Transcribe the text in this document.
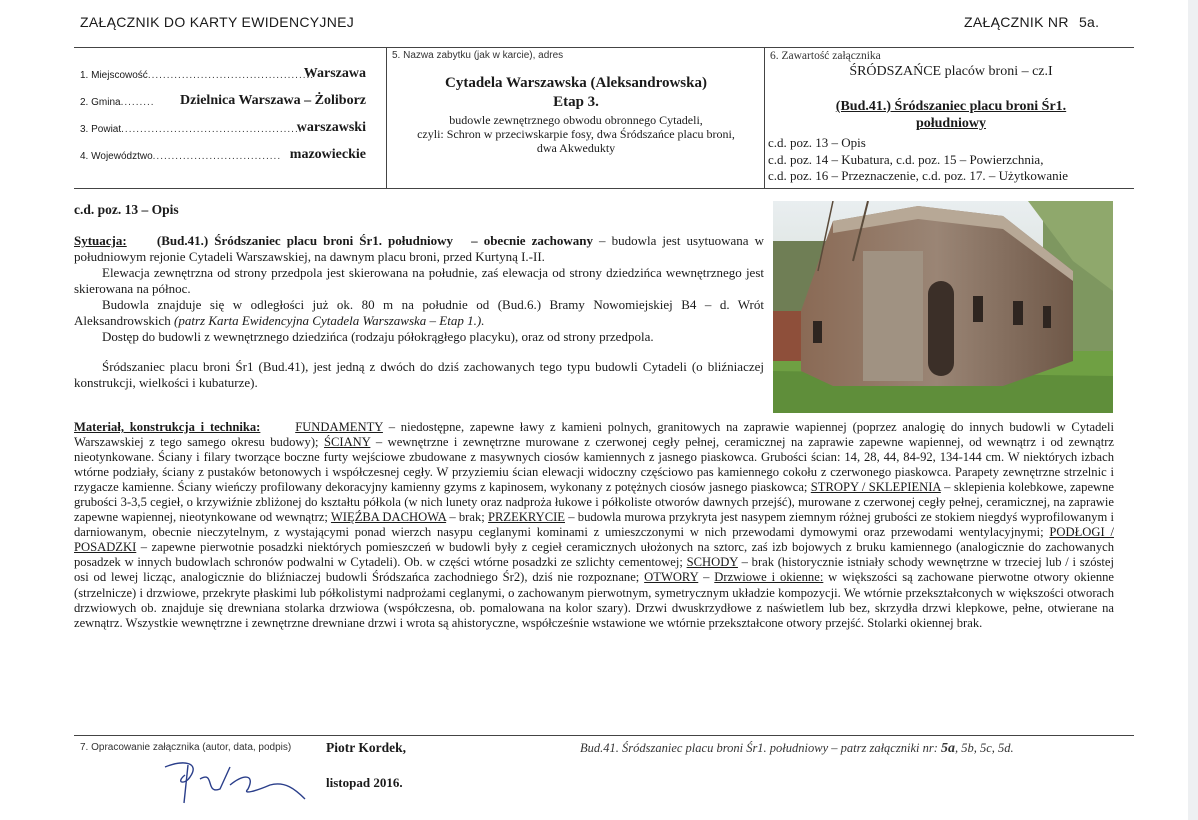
ZAŁĄCZNIK DO KARTY EWIDENCYJNEJ	ZAŁĄCZNIK NR 5a.
1. Miejscowość............................................
Warszawa
2. Gmina......... Dzielnica Warszawa – Żoliborz
3. Powiat................................................
warszawski
4. Województwo.................................. mazowieckie
5. Nazwa zabytku (jak w karcie), adres
Cytadela Warszawska (Aleksandrowska)
Etap 3.
budowle zewnętrznego obwodu obronnego Cytadeli,
czyli: Schron w przeciwskarpie fosy, dwa Śródszańce placu broni,
dwa Akwedukty
6. Zawartość załącznika
ŚRÓDSZAŃCE placów broni – cz.I
(Bud.41.) Śródszaniec placu broni Śr1.
południowy
c.d. poz. 13 – Opis
c.d. poz. 14 – Kubatura, c.d. poz. 15 – Powierzchnia,
c.d. poz. 16 – Przeznaczenie, c.d. poz. 17. – Użytkowanie
c.d. poz. 13 – Opis

Sytuacja: (Bud.41.) Śródszaniec placu broni Śr1. południowy – obecnie zachowany – budowla jest usytuowana w południowym rejonie Cytadeli Warszawskiej, na dawnym placu broni, przed Kurtyną I.-II.

Elewacja zewnętrzna od strony przedpola jest skierowana na południe, zaś elewacja od strony dziedzińca wewnętrznego jest skierowana na północ.

Budowla znajduje się w odległości już ok. 80 m na południe od (Bud.6.) Bramy Nowomiejskiej B4 – d. Wrót Aleksandrowskich (patrz Karta Ewidencyjna Cytadela Warszawska – Etap 1.).

Dostęp do budowli z wewnętrznego dziedzińca (rodzaju półokrągłego placyku), oraz od strony przedpola.

Śródszaniec placu broni Śr1 (Bud.41), jest jedną z dwóch do dziś zachowanych tego typu budowli Cytadeli (o bliźniaczej konstrukcji, wielkości i kubaturze).

Materiał, konstrukcja i technika:	FUNDAMENTY – niedostępne, zapewne ławy z kamieni polnych, granitowych na zaprawie wapiennej (poprzez analogię do innych budowli w Cytadeli Warszawskiej z tego samego okresu budowy); ŚCIANY – wewnętrzne i zewnętrzne murowane z czerwonej cegły pełnej, ceramicznej na zaprawie zapewne wapiennej, od wewnątrz i od zewnątrz nieotynkowane. Ściany i filary tworzące boczne furty wejściowe zbudowane z masywnych ciosów kamiennych z jasnego piaskowca. Grubości ścian: 14, 28, 44, 84-92, 134-144 cm. W niektórych izbach wtórne podziały, ściany z pustaków betonowych i współczesnej cegły. W przyziemiu ścian elewacji widoczny częściowo pas kamiennego cokołu z czerwonego piaskowca. Parapety zewnętrzne strzelnic i rzygacze kamienne. Ściany wieńczy profilowany dekoracyjny kamienny gzyms z kapinosem, wykonany z potężnych ciosów jasnego piaskowca; STROPY / SKLEPIENIA – sklepienia kolebkowe, zapewne grubości 3-3,5 cegieł, o krzywiźnie zbliżonej do kształtu półkola (w nich lunety oraz nadproża łukowe i półkoliste otworów dawnych przejść), murowane z czerwonej cegły pełnej, ceramicznej, na zaprawie zapewne wapiennej, nieotynkowane od wewnątrz; WIĘŹBA DACHOWA – brak; PRZEKRYCIE – budowla murowa przykryta jest nasypem ziemnym różnej grubości ze stokiem niegdyś wyprofilowanym i darniowanym, obecnie nieczytelnym, z wystającymi ponad wierzch nasypu ceglanymi kominami z umieszczonymi w nich przewodami dymowymi oraz przewodami wentylacyjnymi; PODŁOGI / POSADZKI – zapewne pierwotnie posadzki niektórych pomieszczeń w budowli były z cegieł ceramicznych ułożonych na sztorc, zaś izb bojowych z bruku kamiennego (analogicznie do zachowanych posadzek w innych budowlach schronów podwalni w Cytadeli). Ob. w części wtórne posadzki ze szlichty cementowej; SCHODY – brak (historycznie istniały schody wewnętrzne w trzeciej lub / i szóstej osi od lewej licząc, analogicznie do bliźniaczej budowli Śródszańca zachodniego Śr2), dziś nie rozpoznane; OTWORY – Drzwiowe i okienne: w większości są zachowane pierwotne otwory okienne (strzelnicze) i drzwiowe, przekryte płaskimi lub półkolistymi nadprożami ceglanymi, o zachowanym pierwotnym, symetrycznym układzie kompozycji. We wtórnie przekształconych w większości otworach drzwiowych ob. znajduje się drewniana stolarka drzwiowa (współczesna, ob. pomalowana na kolor szary). Drzwi dwuskrzydłowe z naświetlem lub bez, skrzydła drzwi klepkowe, pełne, otwierane na zewnątrz. Wszystkie wewnętrzne i zewnętrzne drewniane drzwi i wrota są ahistoryczne, współcześnie wstawione we wtórnie przekształcone otwory przejść. Stolarki okiennej brak.
7. Opracowanie załącznika (autor, data, podpis)	Piotr Kordek,
listopad 2016.
Bud.41. Śródszaniec placu broni Śr1. południowy – patrz załączniki nr: 5a, 5b, 5c, 5d.
